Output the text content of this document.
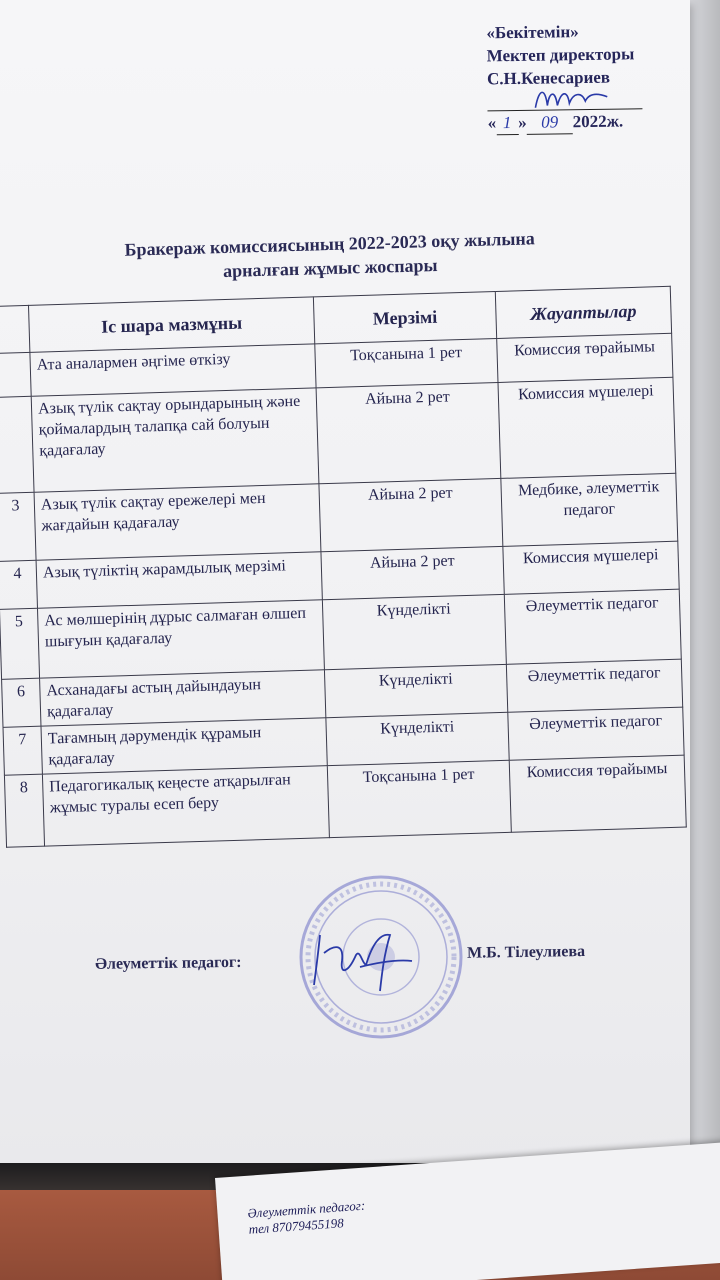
«Бекітемін»
Мектеп директоры
С.Н.Кенесариев
« 1 » 09 2022ж.
Бракераж комиссиясының 2022-2023 оқу жылына
арналған жұмыс жоспары
	Іс шара мазмұны	Мерзімі	Жауаптылар
	Ата аналармен әңгіме өткізу	Тоқсанына 1 рет	Комиссия төрайымы
	Азық түлік сақтау орындарының және қоймалардың талапқа сай болуын қадағалау	Айына 2 рет	Комиссия мүшелері
3	Азық түлік сақтау ережелері мен жағдайын қадағалау	Айына 2 рет	Медбике, әлеуметтік педагог
4	Азық түліктің жарамдылық мерзімі	Айына 2 рет	Комиссия мүшелері
5	Ас мөлшерінің дұрыс салмаған өлшеп шығуын қадағалау	Күнделікті	Әлеуметтік педагог
6	Асханадағы астың дайындауын қадағалау	Күнделікті	Әлеуметтік педагог
7	Тағамның дәрумендік құрамын қадағалау	Күнделікті	Әлеуметтік педагог
8	Педагогикалық кеңесте атқарылған жұмыс туралы есеп беру	Тоқсанына 1 рет	Комиссия төрайымы
Әлеуметтік педагог:
М.Б. Тілеулиева
Әлеуметтік педагог:
тел 87079455198
